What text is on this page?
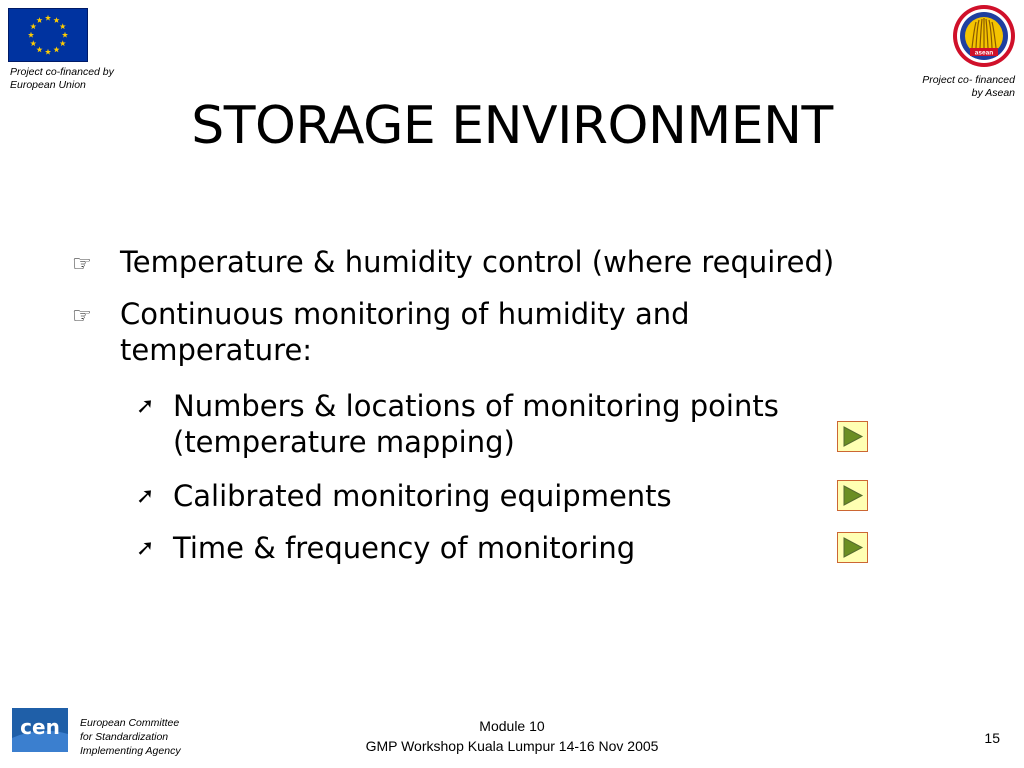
Project co-financed by
European Union
asean
Project co- financed
by Asean
STORAGE ENVIRONMENT
☞ Temperature & humidity control (where required)
☞ Continuous monitoring of humidity and
temperature:
➚ Numbers & locations of monitoring points
(temperature mapping)
➚ Calibrated monitoring equipments
➚ Time & frequency of monitoring
cen European Committee
for Standardization
Implementing Agency
Module 10
GMP Workshop Kuala Lumpur 14-16 Nov 2005	15
